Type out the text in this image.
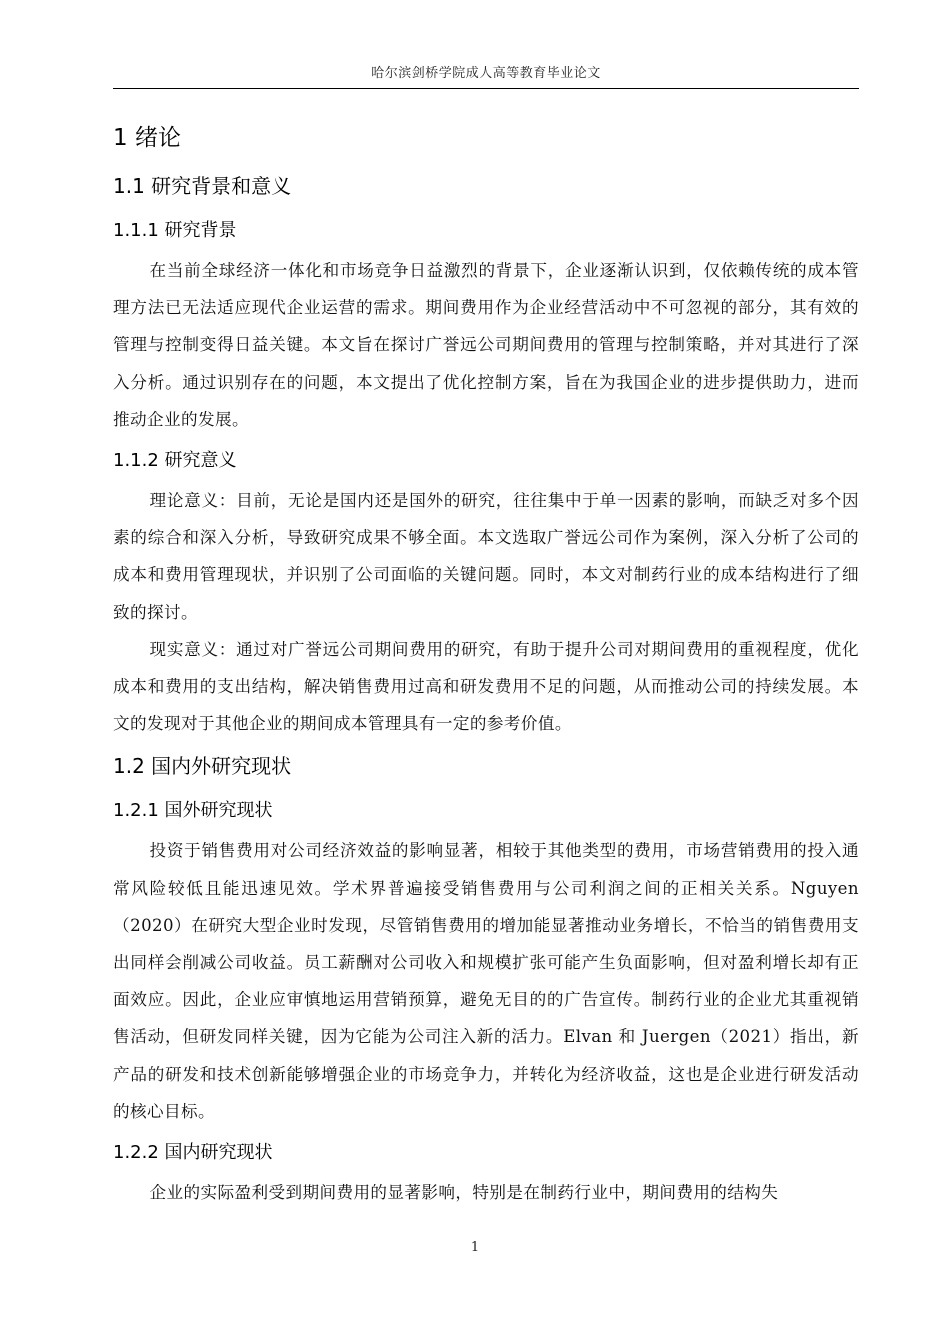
哈尔滨剑桥学院成人高等教育毕业论文
1 绪论
1.1 研究背景和意义
1.1.1 研究背景

在当前全球经济一体化和市场竞争日益激烈的背景下，企业逐渐认识到，仅依赖传统的成本管理方法已无法适应现代企业运营的需求。期间费用作为企业经营活动中不可忽视的部分，其有效的管理与控制变得日益关键。本文旨在探讨广誉远公司期间费用的管理与控制策略，并对其进行了深入分析。通过识别存在的问题，本文提出了优化控制方案，旨在为我国企业的进步提供助力，进而推动企业的发展。

1.1.2 研究意义

理论意义：目前，无论是国内还是国外的研究，往往集中于单一因素的影响，而缺乏对多个因素的综合和深入分析，导致研究成果不够全面。本文选取广誉远公司作为案例，深入分析了公司的成本和费用管理现状，并识别了公司面临的关键问题。同时，本文对制药行业的成本结构进行了细致的探讨。

现实意义：通过对广誉远公司期间费用的研究，有助于提升公司对期间费用的重视程度，优化成本和费用的支出结构，解决销售费用过高和研发费用不足的问题，从而推动公司的持续发展。本文的发现对于其他企业的期间成本管理具有一定的参考价值。

1.2 国内外研究现状
1.2.1 国外研究现状

投资于销售费用对公司经济效益的影响显著，相较于其他类型的费用，市场营销费用的投入通常风险较低且能迅速见效。学术界普遍接受销售费用与公司利润之间的正相关关系。Nguyen（2020）在研究大型企业时发现，尽管销售费用的增加能显著推动业务增长，不恰当的销售费用支出同样会削减公司收益。员工薪酬对公司收入和规模扩张可能产生负面影响，但对盈利增长却有正面效应。因此，企业应审慎地运用营销预算，避免无目的的广告宣传。制药行业的企业尤其重视销售活动，但研发同样关键，因为它能为公司注入新的活力。Elvan 和 Juergen（2021）指出，新产品的研发和技术创新能够增强企业的市场竞争力，并转化为经济收益，这也是企业进行研发活动的核心目标。

1.2.2 国内研究现状

企业的实际盈利受到期间费用的显著影响，特别是在制药行业中，期间费用的结构失

1
